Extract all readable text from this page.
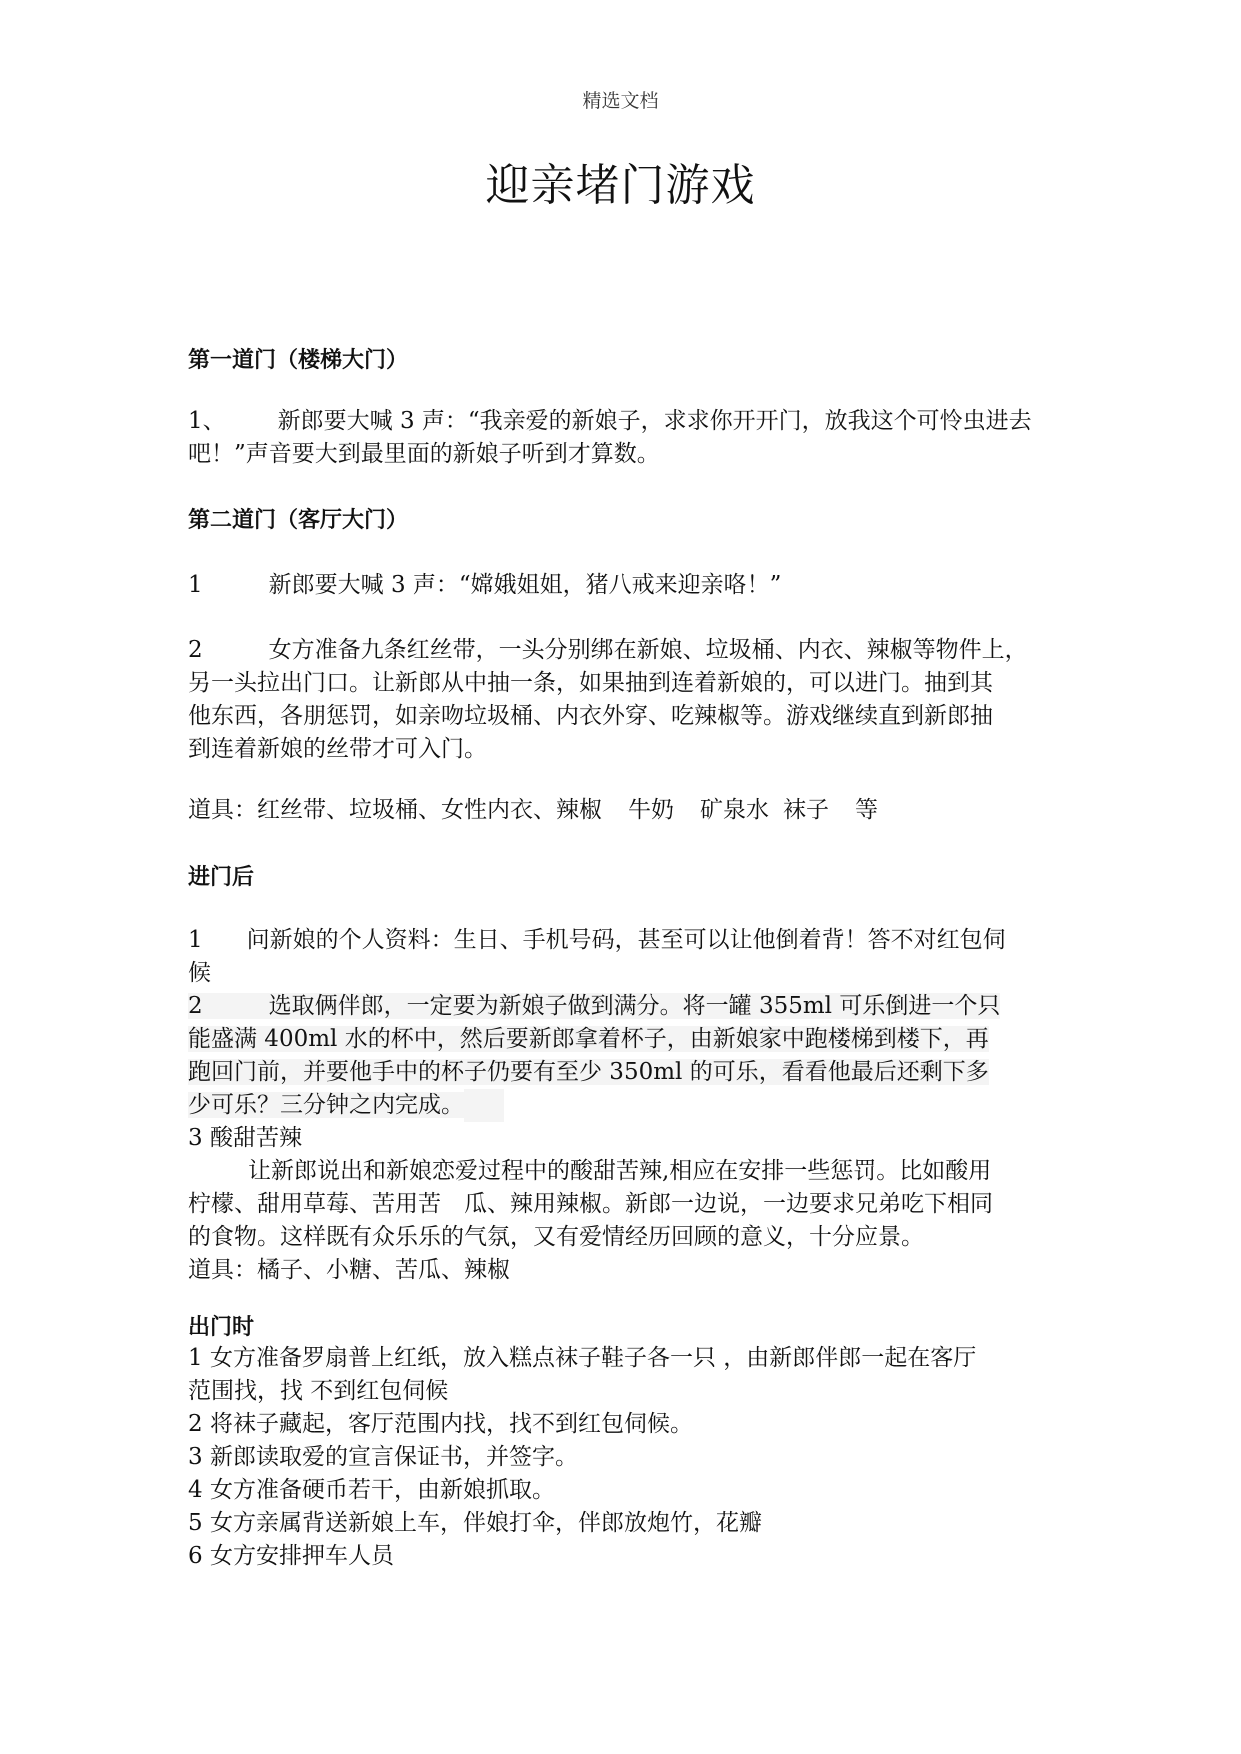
精选文档
迎亲堵门游戏
第一道门（楼梯大门）
1、 新郎要大喊 3 声：“我亲爱的新娘子，求求你开开门，放我这个可怜虫进去
吧！”声音要大到最里面的新娘子听到才算数。
第二道门（客厅大门）
1	新郎要大喊 3 声：“嫦娥姐姐，猪八戒来迎亲咯！”
2	女方准备九条红丝带，一头分别绑在新娘、垃圾桶、内衣、辣椒等物件上，
另一头拉出门口。让新郎从中抽一条，如果抽到连着新娘的，可以进门。抽到其
他东西，各朋惩罚，如亲吻垃圾桶、内衣外穿、吃辣椒等。游戏继续直到新郎抽
到连着新娘的丝带才可入门。
道具：红丝带、垃圾桶、女性内衣、辣椒 牛奶 矿泉水 袜子 等
进门后
1 问新娘的个人资料：生日、手机号码，甚至可以让他倒着背！答不对红包伺
候
2	选取俩伴郎，一定要为新娘子做到满分。将一罐 355ml 可乐倒进一个只
能盛满 400ml 水的杯中，然后要新郎拿着杯子，由新娘家中跑楼梯到楼下，再
跑回门前，并要他手中的杯子仍要有至少 350ml 的可乐，看看他最后还剩下多
少可乐？三分钟之内完成。
3 酸甜苦辣
让新郎说出和新娘恋爱过程中的酸甜苦辣,相应在安排一些惩罚。比如酸用
柠檬、甜用草莓、苦用苦　瓜、辣用辣椒。新郎一边说，一边要求兄弟吃下相同
的食物。这样既有众乐乐的气氛，又有爱情经历回顾的意义，十分应景。
道具：橘子、小糖、苦瓜、辣椒
出门时
1 女方准备罗扇普上红纸，放入糕点袜子鞋子各一只 ，由新郎伴郎一起在客厅
范围找，找 不到红包伺候
2 将袜子藏起，客厅范围内找，找不到红包伺候。
3 新郎读取爱的宣言保证书，并签字。
4 女方准备硬币若干，由新娘抓取。
5 女方亲属背送新娘上车，伴娘打伞，伴郎放炮竹，花瓣
6 女方安排押车人员
